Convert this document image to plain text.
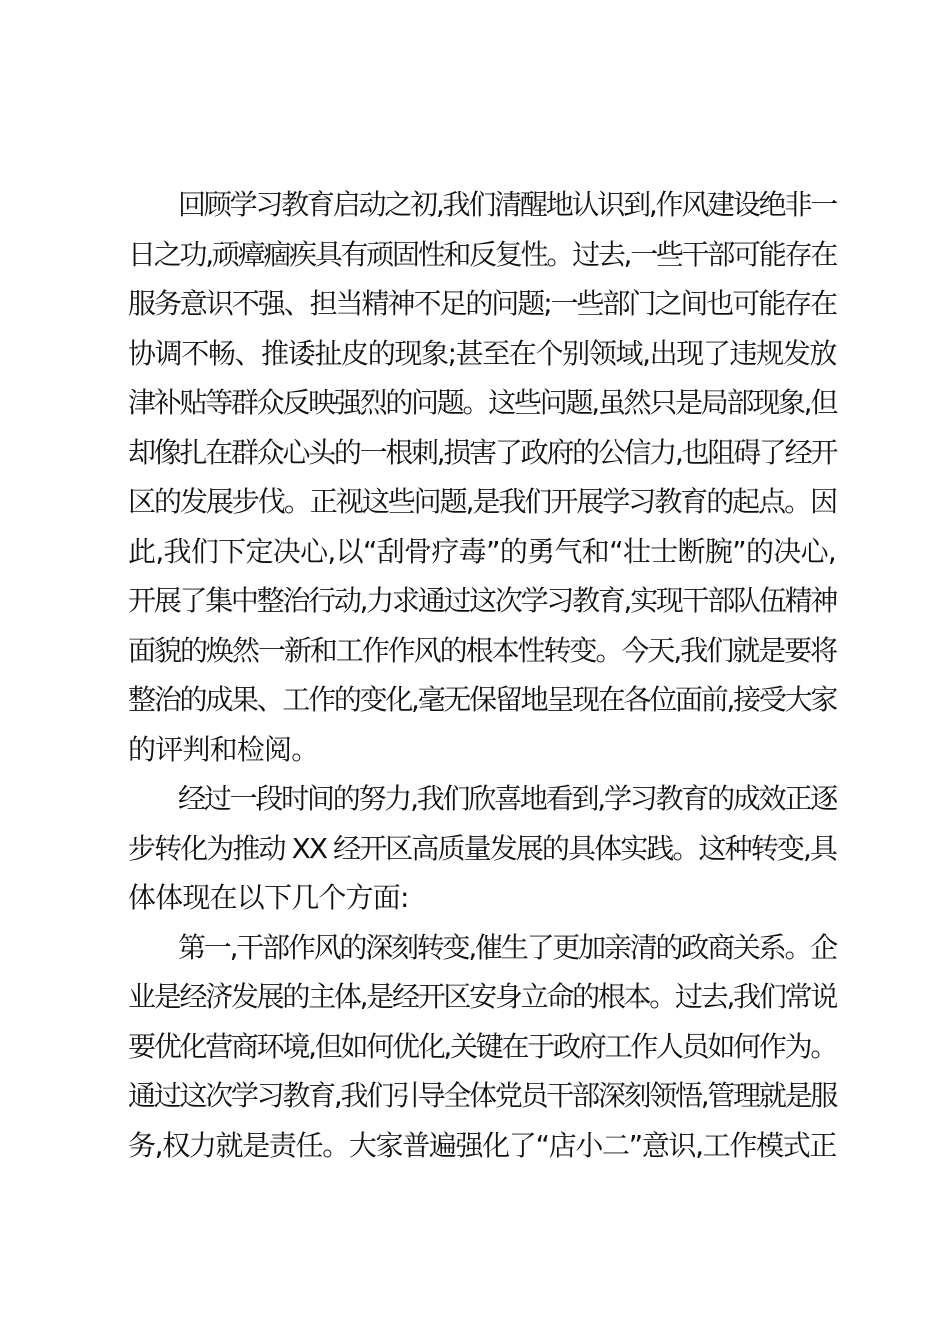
回顾学习教育启动之初,我们清醒地认识到,作风建设绝非一
日之功,顽瘴痼疾具有顽固性和反复性。过去,一些干部可能存在
服务意识不强、担当精神不足的问题;一些部门之间也可能存在
协调不畅、推诿扯皮的现象;甚至在个别领域,出现了违规发放
津补贴等群众反映强烈的问题。这些问题,虽然只是局部现象,但
却像扎在群众心头的一根刺,损害了政府的公信力,也阻碍了经开
区的发展步伐。正视这些问题,是我们开展学习教育的起点。因
此,我们下定决心,以“刮骨疗毒”的勇气和“壮士断腕”的决心,
开展了集中整治行动,力求通过这次学习教育,实现干部队伍精神
面貌的焕然一新和工作作风的根本性转变。今天,我们就是要将
整治的成果、工作的变化,毫无保留地呈现在各位面前,接受大家
的评判和检阅。
经过一段时间的努力,我们欣喜地看到,学习教育的成效正逐
步转化为推动 XX 经开区高质量发展的具体实践。这种转变,具
体体现在以下几个方面:
第一,干部作风的深刻转变,催生了更加亲清的政商关系。企
业是经济发展的主体,是经开区安身立命的根本。过去,我们常说
要优化营商环境,但如何优化,关键在于政府工作人员如何作为。
通过这次学习教育,我们引导全体党员干部深刻领悟,管理就是服
务,权力就是责任。大家普遍强化了“店小二”意识,工作模式正
